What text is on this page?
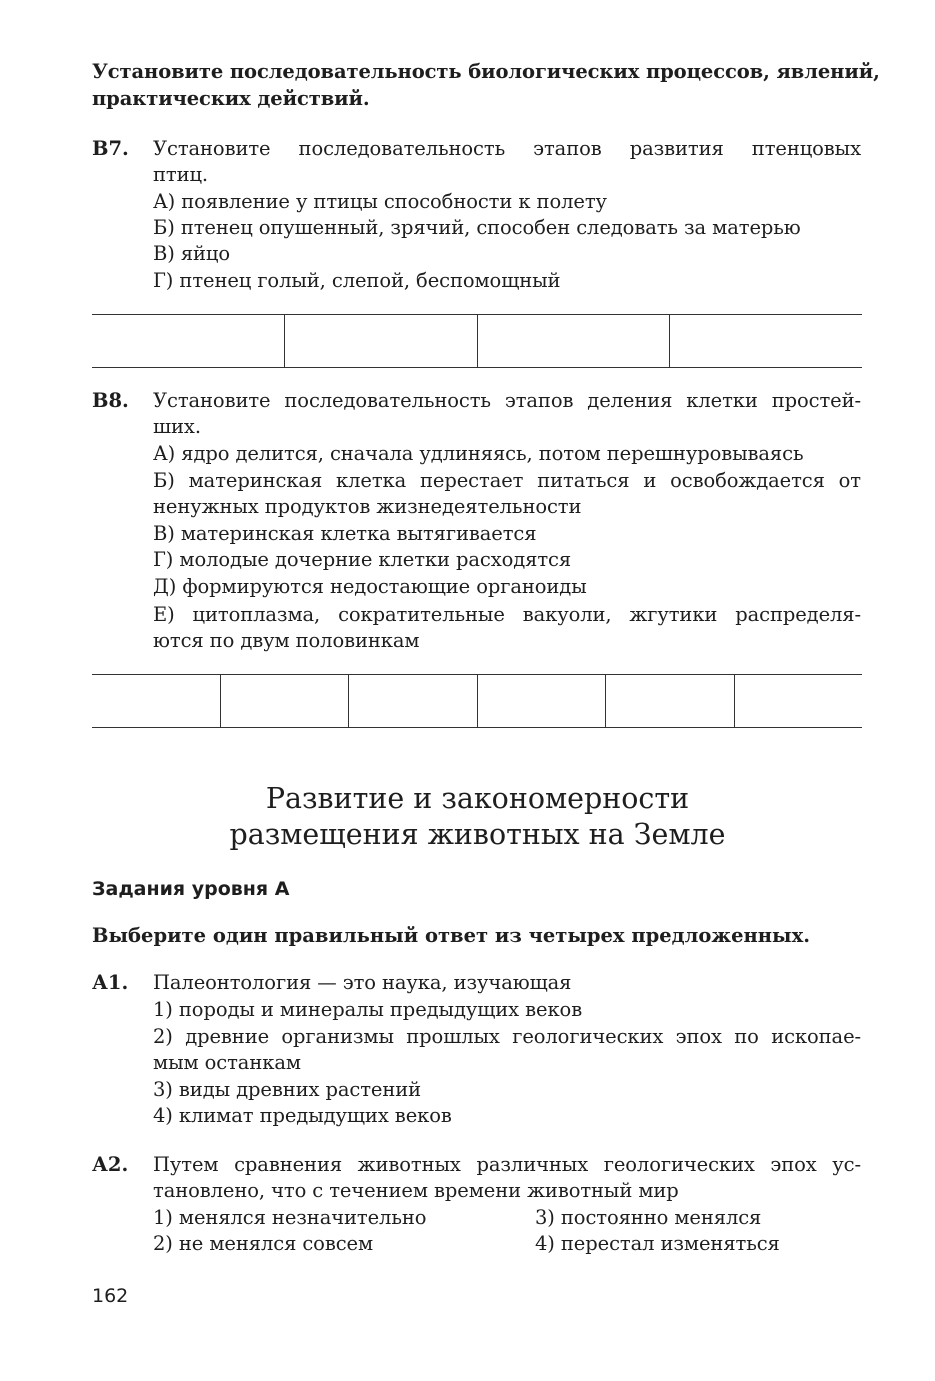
Установите последовательность биологических процессов, явлений,
практических действий.
В7. Установите последовательность этапов развития птенцовых
птиц.
А) появление у птицы способности к полету
Б) птенец опушенный, зрячий, способен следовать за матерью
В) яйцо
Г) птенец голый, слепой, беспомощный
В8. Установите последовательность этапов деления клетки простей-
ших.
А) ядро делится, сначала удлиняясь, потом перешнуровываясь
Б) материнская клетка перестает питаться и освобождается от
ненужных продуктов жизнедеятельности
В) материнская клетка вытягивается
Г) молодые дочерние клетки расходятся
Д) формируются недостающие органоиды
Е) цитоплазма, сократительные вакуоли, жгутики распределя-
ются по двум половинкам
Развитие и закономерности
размещения животных на Земле
Задания уровня А
Выберите один правильный ответ из четырех предложенных.
А1. Палеонтология — это наука, изучающая
1) породы и минералы предыдущих веков
2) древние организмы прошлых геологических эпох по ископае-
мым останкам
3) виды древних растений
4) климат предыдущих веков
А2. Путем сравнения животных различных геологических эпох ус-
тановлено, что с течением времени животный мир
1) менялся незначительно	3) постоянно менялся
2) не менялся совсем	4) перестал изменяться
162
